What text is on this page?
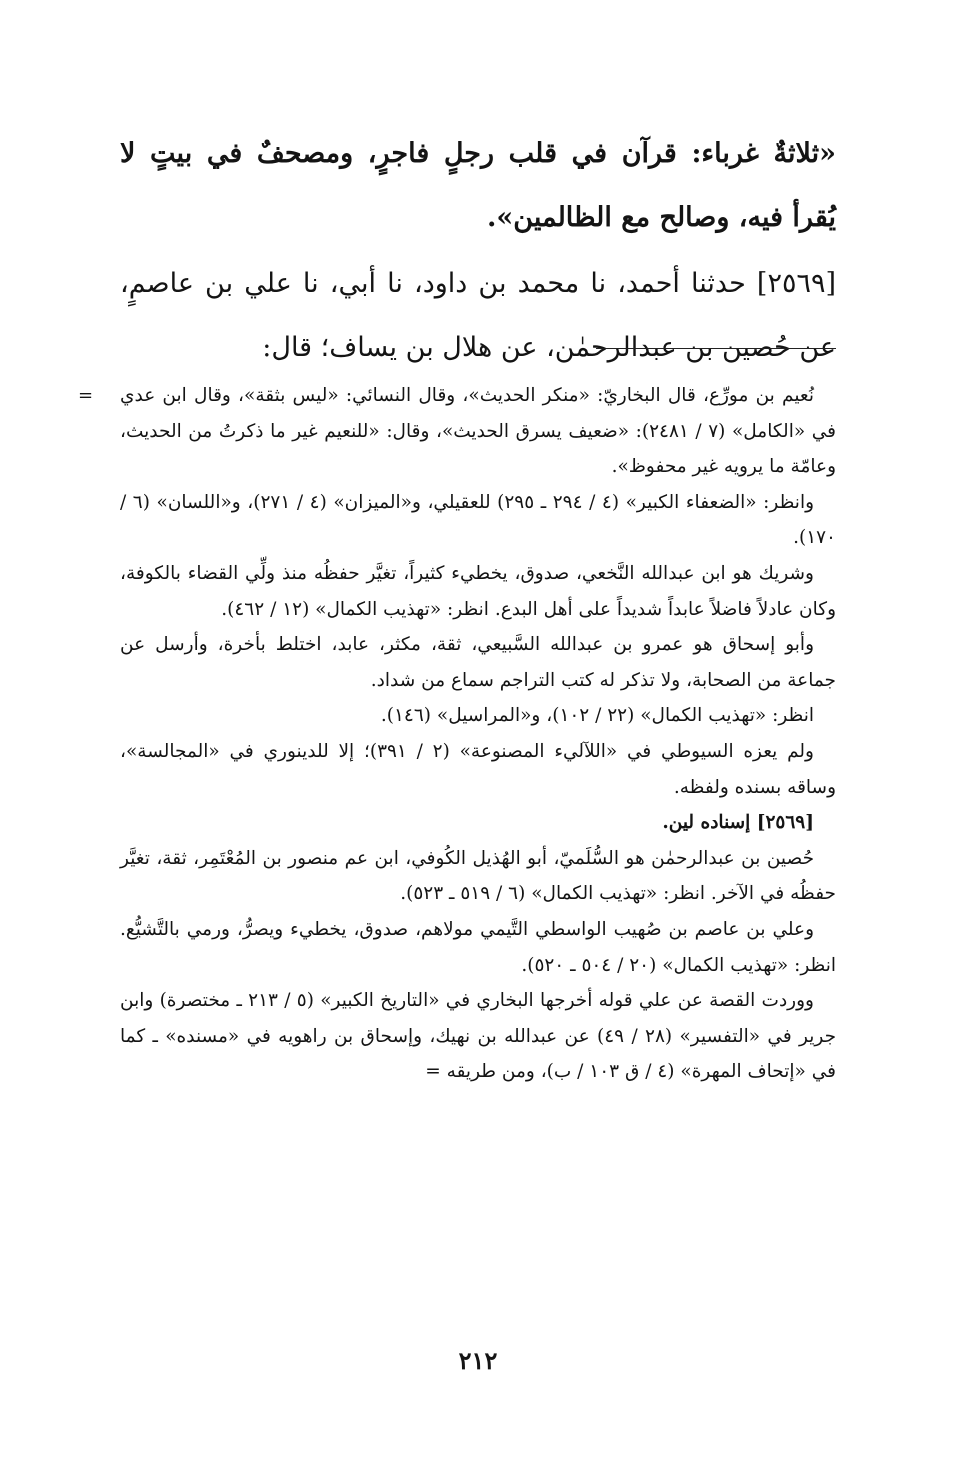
«ثلاثةٌ غرباء: قرآن في قلب رجلٍ فاجرٍ، ومصحفٌ في بيتٍ لا يُقرأ فيه، وصالح مع الظالمين».

[٢٥٦٩] حدثنا أحمد، نا محمد بن داود، نا أبي، نا علي بن عاصمٍ، عن حُصين بن عبدالرحمٰن، عن هلال بن يساف؛ قال:

= نُعيم بن مورِّع، قال البخاريّ: «منكر الحديث»، وقال النسائي: «ليس بثقة»، وقال ابن عدي في «الكامل» (٧ / ٢٤٨١): «ضعيف يسرق الحديث»، وقال: «للنعيم غير ما ذكرتُ من الحديث، وعامّة ما يرويه غير محفوظ».

وانظر: «الضعفاء الكبير» (٤ / ٢٩٤ ـ ٢٩٥) للعقيلي، و«الميزان» (٤ / ٢٧١)، و«اللسان» (٦ / ١٧٠).

وشريك هو ابن عبدالله النَّخعي، صدوق، يخطيء كثيراً، تغيَّر حفظُه منذ ولِّي القضاء بالكوفة، وكان عادلاً فاضلاً عابداً شديداً على أهل البدع. انظر: «تهذيب الكمال» (١٢ / ٤٦٢).

وأبو إسحاق هو عمرو بن عبدالله السَّبيعي، ثقة، مكثر، عابد، اختلط بأخرة، وأرسل عن جماعة من الصحابة، ولا تذكر له كتب التراجم سماع من شداد.

انظر: «تهذيب الكمال» (٢٢ / ١٠٢)، و«المراسيل» (١٤٦).

ولم يعزه السيوطي في «اللآليء المصنوعة» (٢ / ٣٩١)؛ إلا للدينوري في «المجالسة»، وساقه بسنده ولفظه.

[٢٥٦٩] إسناده لين.

حُصين بن عبدالرحمٰن هو السُّلَميّ، أبو الهُذيل الكُوفي، ابن عم منصور بن المُعْتَمِر، ثقة، تغيَّر حفظُه في الآخر. انظر: «تهذيب الكمال» (٦ / ٥١٩ ـ ٥٢٣).

وعلي بن عاصم بن صُهيب الواسطي التَّيمي مولاهم، صدوق، يخطيء ويصرُّ، ورمي بالتَّشيُّع. انظر: «تهذيب الكمال» (٢٠ / ٥٠٤ ـ ٥٢٠).

ووردت القصة عن علي قوله أخرجها البخاري في «التاريخ الكبير» (٥ / ٢١٣ ـ مختصرة) وابن جرير في «التفسير» (٢٨ / ٤٩) عن عبدالله بن نهيك، وإسحاق بن راهويه في «مسنده» ـ كما في «إتحاف المهرة» (٤ / ق ١٠٣ / ب)، ومن طريقه =

٢١٢
